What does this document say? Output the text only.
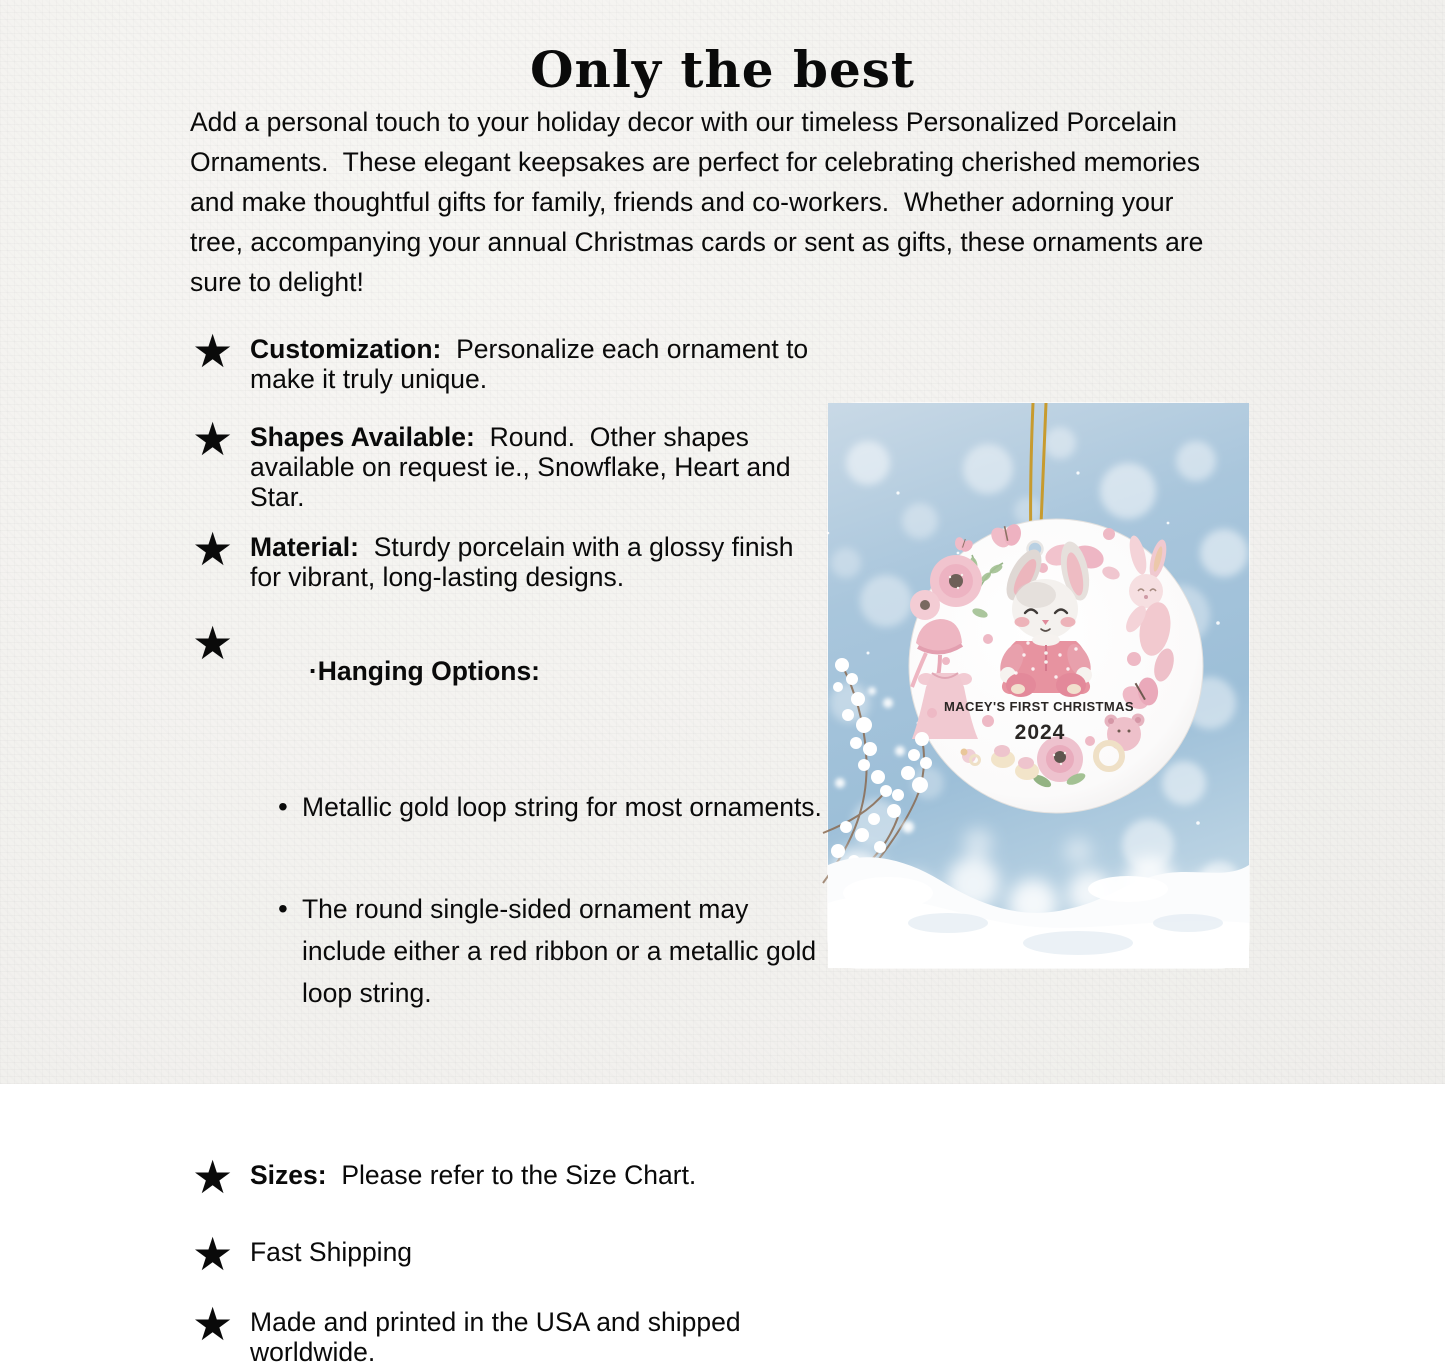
Only the best
Add a personal touch to your holiday decor with our timeless Personalized Porcelain Ornaments.  These elegant keepsakes are perfect for celebrating cherished memories and make thoughtful gifts for family, friends and co-workers.  Whether adorning your tree, accompanying your annual Christmas cards or sent as gifts, these ornaments are sure to delight!
★ Customization:  Personalize each ornament to make it truly unique.
★ Shapes Available:  Round.  Other shapes available on request ie., Snowflake, Heart and Star.
★ Material:  Sturdy porcelain with a glossy finish for vibrant, long-lasting designs.
★

·Hanging Options:

• Metallic gold loop string for most ornaments.

• The round single-sided ornament may include either a red ribbon or a metallic gold loop string.

★ Sizes:  Please refer to the Size Chart.
★ Fast Shipping
★ Made and printed in the USA and shipped worldwide.
MACEY'S FIRST CHRISTMAS
2024
